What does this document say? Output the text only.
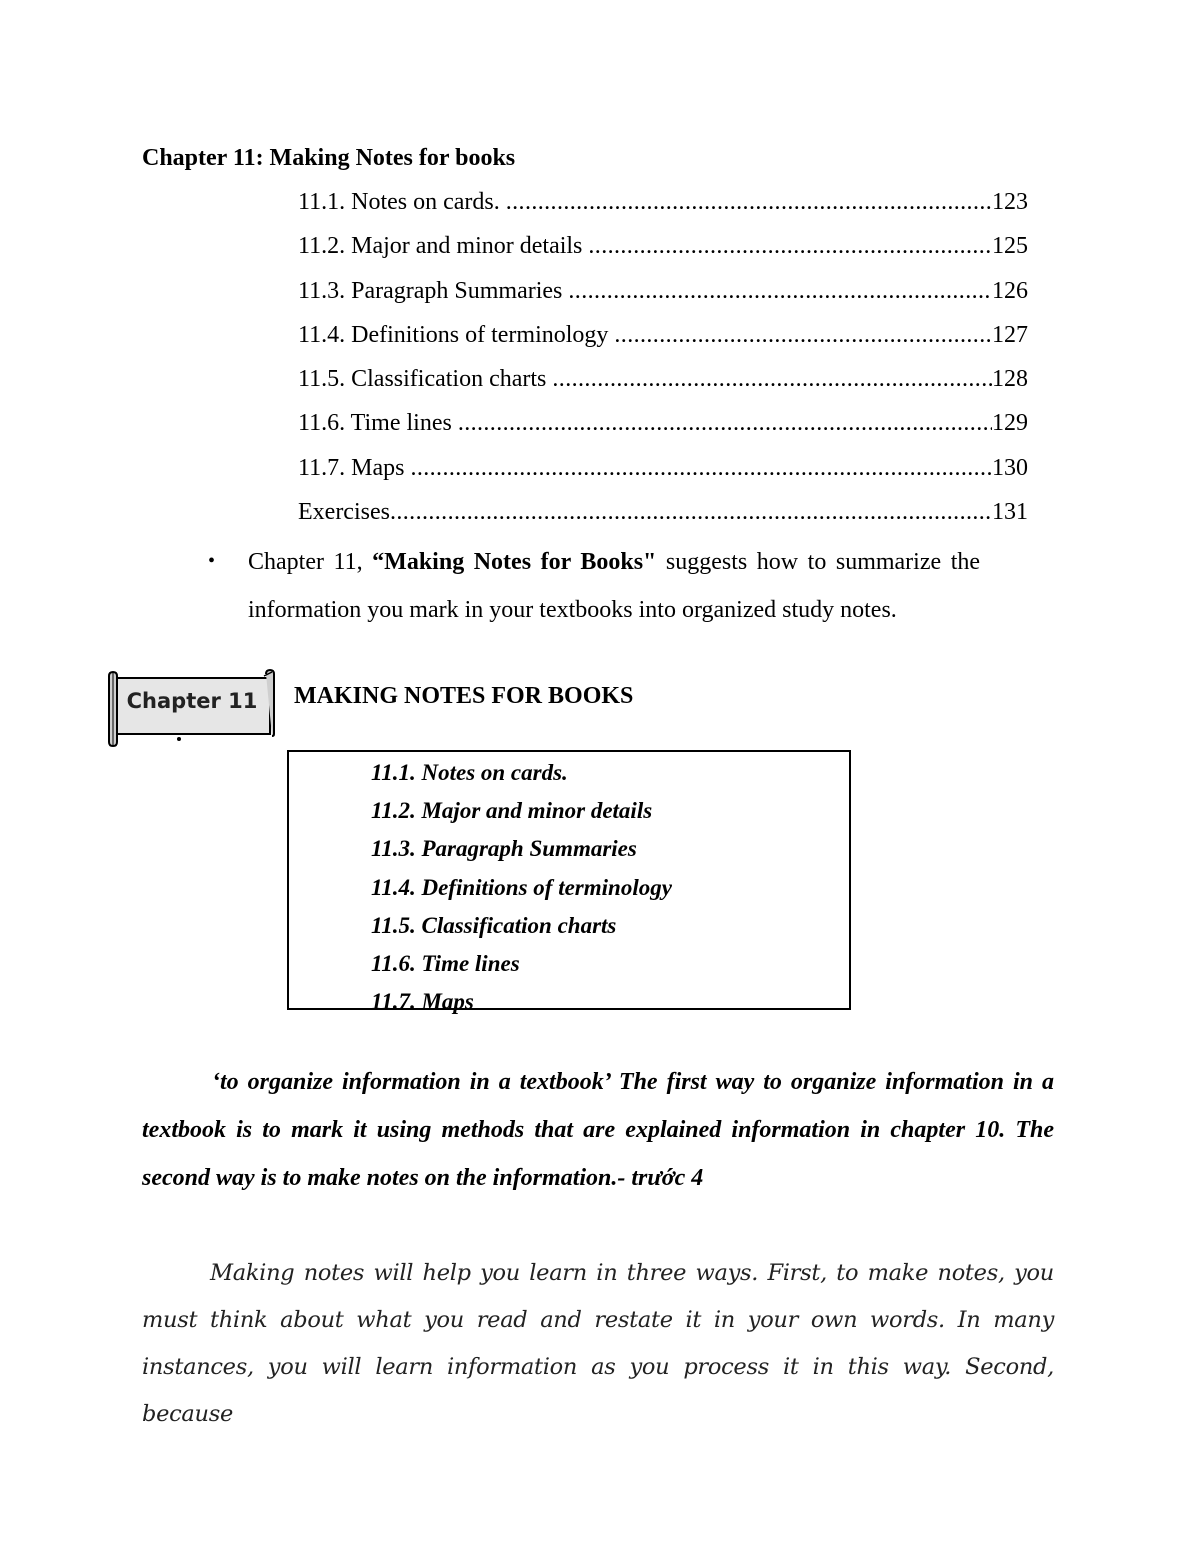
Chapter 11: Making Notes for books
11.1. Notes on cards. .....	123
11.2. Major and minor details .....	125
11.3. Paragraph Summaries .....	126
11.4. Definitions of terminology .....	127
11.5. Classification charts .....	128
11.6. Time lines .....	129
11.7. Maps .....	130
Exercises .....	131
• Chapter 11, “Making Notes for Books" suggests how to summarize the information you mark in your textbooks into organized study notes.
Chapter 11	MAKING NOTES FOR BOOKS
11.1. Notes on cards.
11.2. Major and minor details
11.3. Paragraph Summaries
11.4. Definitions of terminology
11.5. Classification charts
11.6. Time lines
11.7. Maps
‘to organize information in a textbook’ The first way to organize information in a textbook is to mark it using methods that are explained information in chapter 10. The second way is to make notes on the information.- trước 4
Making notes will help you learn in three ways. First, to make notes, you must think about what you read and restate it in your own words. In many instances, you will learn information as you process it in this way. Second, because
